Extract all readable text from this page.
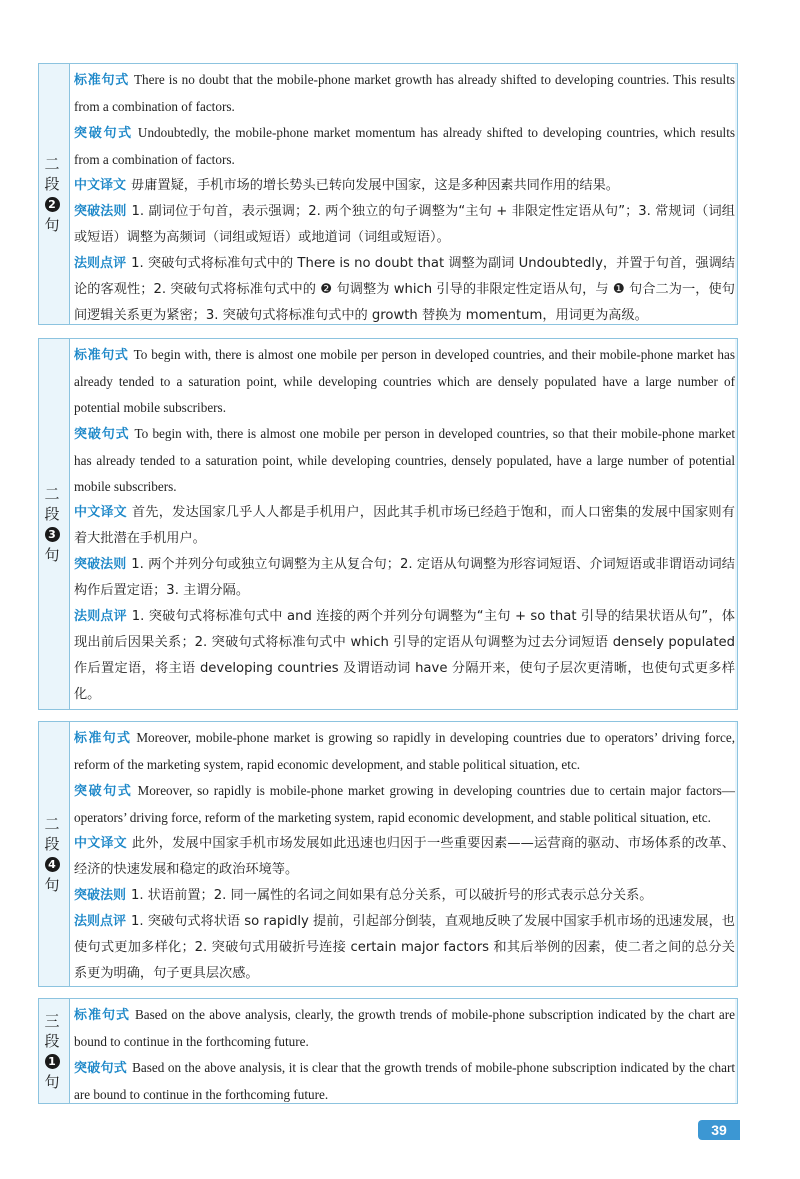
二
段
2
句

标准句式 There is no doubt that the mobile-phone market growth has already shifted to developing countries. This results from a combination of factors.

突破句式 Undoubtedly, the mobile-phone market momentum has already shifted to developing countries, which results from a combination of factors.

中文译文 毋庸置疑，手机市场的增长势头已转向发展中国家，这是多种因素共同作用的结果。

突破法则 1. 副词位于句首，表示强调；2. 两个独立的句子调整为“主句 + 非限定性定语从句”；3. 常规词（词组或短语）调整为高频词（词组或短语）或地道词（词组或短语）。

法则点评 1. 突破句式将标准句式中的 There is no doubt that 调整为副词 Undoubtedly，并置于句首，强调结论的客观性；2. 突破句式将标准句式中的 ❷ 句调整为 which 引导的非限定性定语从句，与 ❶ 句合二为一，使句间逻辑关系更为紧密；3. 突破句式将标准句式中的 growth 替换为 momentum，用词更为高级。

二
段
3
句

标准句式 To begin with, there is almost one mobile per person in developed countries, and their mobile-phone market has already tended to a saturation point, while developing countries which are densely populated have a large number of potential mobile subscribers.

突破句式 To begin with, there is almost one mobile per person in developed countries, so that their mobile-phone market has already tended to a saturation point, while developing countries, densely populated, have a large number of potential mobile subscribers.

中文译文 首先，发达国家几乎人人都是手机用户，因此其手机市场已经趋于饱和，而人口密集的发展中国家则有着大批潜在手机用户。

突破法则 1. 两个并列分句或独立句调整为主从复合句；2. 定语从句调整为形容词短语、介词短语或非谓语动词结构作后置定语；3. 主谓分隔。

法则点评 1. 突破句式将标准句式中 and 连接的两个并列分句调整为“主句 + so that 引导的结果状语从句”，体现出前后因果关系；2. 突破句式将标准句式中 which 引导的定语从句调整为过去分词短语 densely populated 作后置定语，将主语 developing countries 及谓语动词 have 分隔开来，使句子层次更清晰，也使句式更多样化。

二
段
4
句

标准句式 Moreover, mobile-phone market is growing so rapidly in developing countries due to operators’ driving force, reform of the marketing system, rapid economic development, and stable political situation, etc.

突破句式 Moreover, so rapidly is mobile-phone market growing in developing countries due to certain major factors—operators’ driving force, reform of the marketing system, rapid economic development, and stable political situation, etc.

中文译文 此外，发展中国家手机市场发展如此迅速也归因于一些重要因素——运营商的驱动、市场体系的改革、经济的快速发展和稳定的政治环境等。

突破法则 1. 状语前置；2. 同一属性的名词之间如果有总分关系，可以破折号的形式表示总分关系。

法则点评 1. 突破句式将状语 so rapidly 提前，引起部分倒装，直观地反映了发展中国家手机市场的迅速发展，也使句式更加多样化；2. 突破句式用破折号连接 certain major factors 和其后举例的因素，使二者之间的总分关系更为明确，句子更具层次感。

三
段
1
句

标准句式 Based on the above analysis, clearly, the growth trends of mobile-phone subscription indicated by the chart are bound to continue in the forthcoming future.

突破句式 Based on the above analysis, it is clear that the growth trends of mobile-phone subscription indicated by the chart are bound to continue in the forthcoming future.

39
